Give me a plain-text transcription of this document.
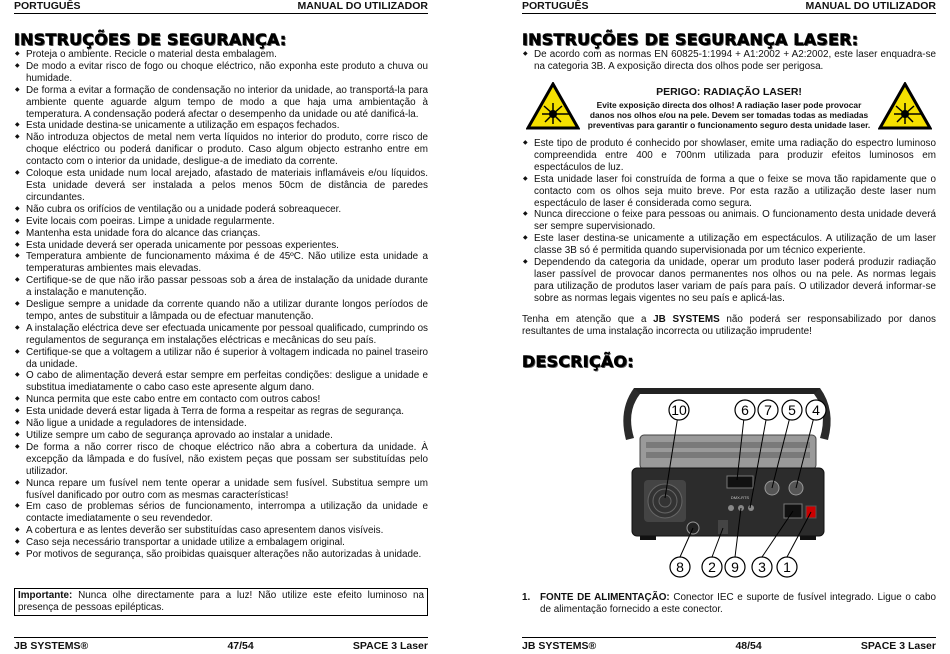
PORTUGUÊS	MANUAL DO UTILIZADOR
INSTRUÇÕES DE SEGURANÇA:
◆ Proteja o ambiente. Recicle o material desta embalagem.
◆ De modo a evitar risco de fogo ou choque eléctrico, não exponha este produto a chuva ou humidade.
◆ De forma a evitar a formação de condensação no interior da unidade, ao transportá-la para ambiente quente aguarde algum tempo de modo a que haja uma ambientação à temperatura. A condensação poderá afectar o desempenho da unidade ou até danificá-la.
◆ Esta unidade destina-se unicamente a utilização em espaços fechados.
◆ Não introduza objectos de metal nem verta líquidos no interior do produto, corre risco de choque eléctrico ou poderá danificar o produto. Caso algum objecto estranho entre em contacto com o interior da unidade, desligue-a de imediato da corrente.
◆ Coloque esta unidade num local arejado, afastado de materiais inflamáveis e/ou líquidos. Esta unidade deverá ser instalada a pelos menos 50cm de distância de paredes circundantes.
◆ Não cubra os orifícios de ventilação ou a unidade poderá sobreaquecer.
◆ Evite locais com poeiras. Limpe a unidade regularmente.
◆ Mantenha esta unidade fora do alcance das crianças.
◆ Esta unidade deverá ser operada unicamente por pessoas experientes.
◆ Temperatura ambiente de funcionamento máxima é de 45ºC. Não utilize esta unidade a temperaturas ambientes mais elevadas.
◆ Certifique-se de que não irão passar pessoas sob a área de instalação da unidade durante a instalação e manutenção.
◆ Desligue sempre a unidade da corrente quando não a utilizar durante longos períodos de tempo, antes de substituir a lâmpada ou de efectuar manutenção.
◆ A instalação eléctrica deve ser efectuada unicamente por pessoal qualificado, cumprindo os regulamentos de segurança em instalações eléctricas e mecânicas do seu país.
◆ Certifique-se que a voltagem a utilizar não é superior à voltagem indicada no painel traseiro da unidade.
◆ O cabo de alimentação deverá estar sempre em perfeitas condições: desligue a unidade e substitua imediatamente o cabo caso este apresente algum dano.
◆ Nunca permita que este cabo entre em contacto com outros cabos!
◆ Esta unidade deverá estar ligada à Terra de forma a respeitar as regras de segurança.
◆ Não ligue a unidade a reguladores de intensidade.
◆ Utilize sempre um cabo de segurança aprovado ao instalar a unidade.
◆ De forma a não correr risco de choque eléctrico não abra a cobertura da unidade. À excepção da lâmpada e do fusível, não existem peças que possam ser substituídas pelo utilizador.
◆ Nunca repare um fusível nem tente operar a unidade sem fusível. Substitua sempre um fusível danificado por outro com as mesmas características!
◆ Em caso de problemas sérios de funcionamento, interrompa a utilização da unidade e contacte imediatamente o seu revendedor.
◆ A cobertura e as lentes deverão ser substituídas caso apresentem danos visíveis.
◆ Caso seja necessário transportar a unidade utilize a embalagem original.
◆ Por motivos de segurança, são proibidas quaisquer alterações não autorizadas à unidade.
Importante: Nunca olhe directamente para a luz! Não utilize este efeito luminoso na presença de pessoas epilépticas.
JB SYSTEMS®	47/54	SPACE 3 Laser
PORTUGUÊS	MANUAL DO UTILIZADOR
INSTRUÇÕES DE SEGURANÇA LASER:
◆ De acordo com as normas EN 60825-1:1994 + A1:2002 + A2:2002, este laser enquadra-se na categoria 3B. A exposição directa dos olhos pode ser perigosa.
PERIGO: RADIAÇÃO LASER!
Evite exposição directa dos olhos! A radiação laser pode provocar danos nos olhos e/ou na pele. Devem ser tomadas todas as mediadas preventivas para garantir o funcionamento seguro desta unidade laser.
◆ Este tipo de produto é conhecido por showlaser, emite uma radiação do espectro luminoso compreendida entre 400 e 700nm utilizada para produzir efeitos luminosos em espectáculos de luz.
◆ Esta unidade laser foi construída de forma a que o feixe se mova tão rapidamente que o contacto com os olhos seja muito breve. Por esta razão a utilização deste laser num espectáculo de laser é considerada como segura.
◆ Nunca direccione o feixe para pessoas ou animais. O funcionamento desta unidade deverá ser sempre supervisionado.
◆ Este laser destina-se unicamente a utilização em espectáculos. A utilização de um laser classe 3B só é permitida quando supervisionada por um técnico experiente.
◆ Dependendo da categoria da unidade, operar um produto laser poderá produzir radiação laser passível de provocar danos permanentes nos olhos ou na pele. As normas legais para utilização de produtos laser variam de país para país. O utilizador deverá informar-se sobre as normas legais vigentes no seu país e aplicá-las.
Tenha em atenção que a JB SYSTEMS não poderá ser responsabilizado por danos resultantes de uma instalação incorrecta ou utilização imprudente!
DESCRIÇÃO:
DMX-RTS
10	6 7 5 4
8 2 9 3 1
1. FONTE DE ALIMENTAÇÃO: Conector IEC e suporte de fusível integrado. Ligue o cabo de alimentação fornecido a este conector.
JB SYSTEMS®	48/54	SPACE 3 Laser
